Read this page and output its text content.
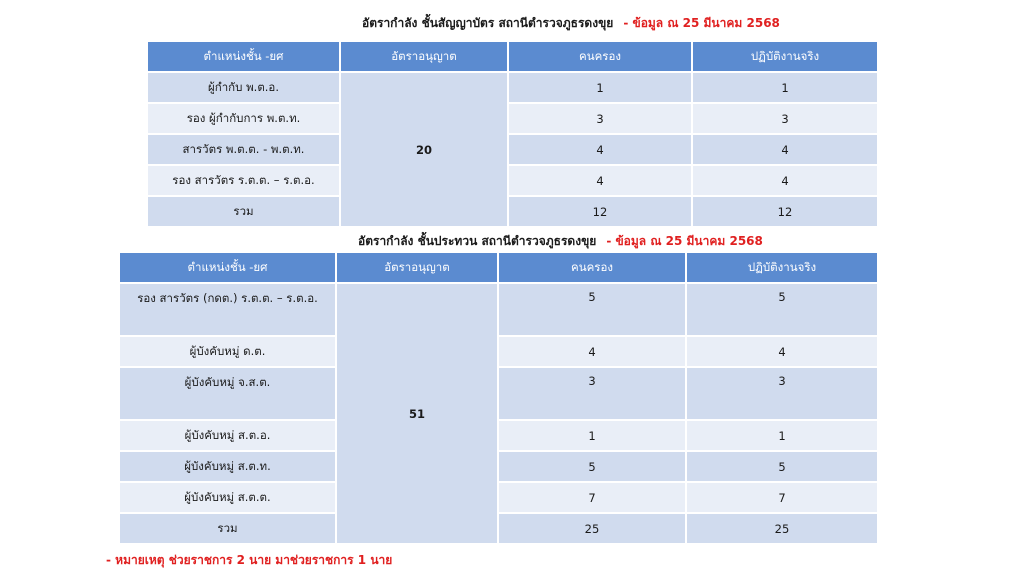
อัตรากำลัง ชั้นสัญญาบัตร สถานีตำรวจภูธรดงขุย - ข้อมูล ณ 25 มีนาคม 2568
ตำแหน่งชั้น -ยศ	อัตราอนุญาต	คนครอง	ปฏิบัติงานจริง
ผู้กำกับ พ.ต.อ.	20	1	1
รอง ผู้กำกับการ พ.ต.ท.		3	3
สารวัตร พ.ต.ต. - พ.ต.ท.		4	4
รอง สารวัตร ร.ต.ต. – ร.ต.อ.		4	4
รวม		12	12
อัตรากำลัง ชั้นประทวน สถานีตำรวจภูธรดงขุย - ข้อมูล ณ 25 มีนาคม 2568
ตำแหน่งชั้น -ยศ	อัตราอนุญาต	คนครอง	ปฏิบัติงานจริง
รอง สารวัตร (กดต.) ร.ต.ต. – ร.ต.อ.	51	5	5
ผู้บังคับหมู่ ด.ต.		4	4
ผู้บังคับหมู่ จ.ส.ต.		3	3
ผู้บังคับหมู่ ส.ต.อ.		1	1
ผู้บังคับหมู่ ส.ต.ท.		5	5
ผู้บังคับหมู่ ส.ต.ต.		7	7
รวม		25	25
- หมายเหตุ ช่วยราชการ 2 นาย มาช่วยราชการ 1 นาย
